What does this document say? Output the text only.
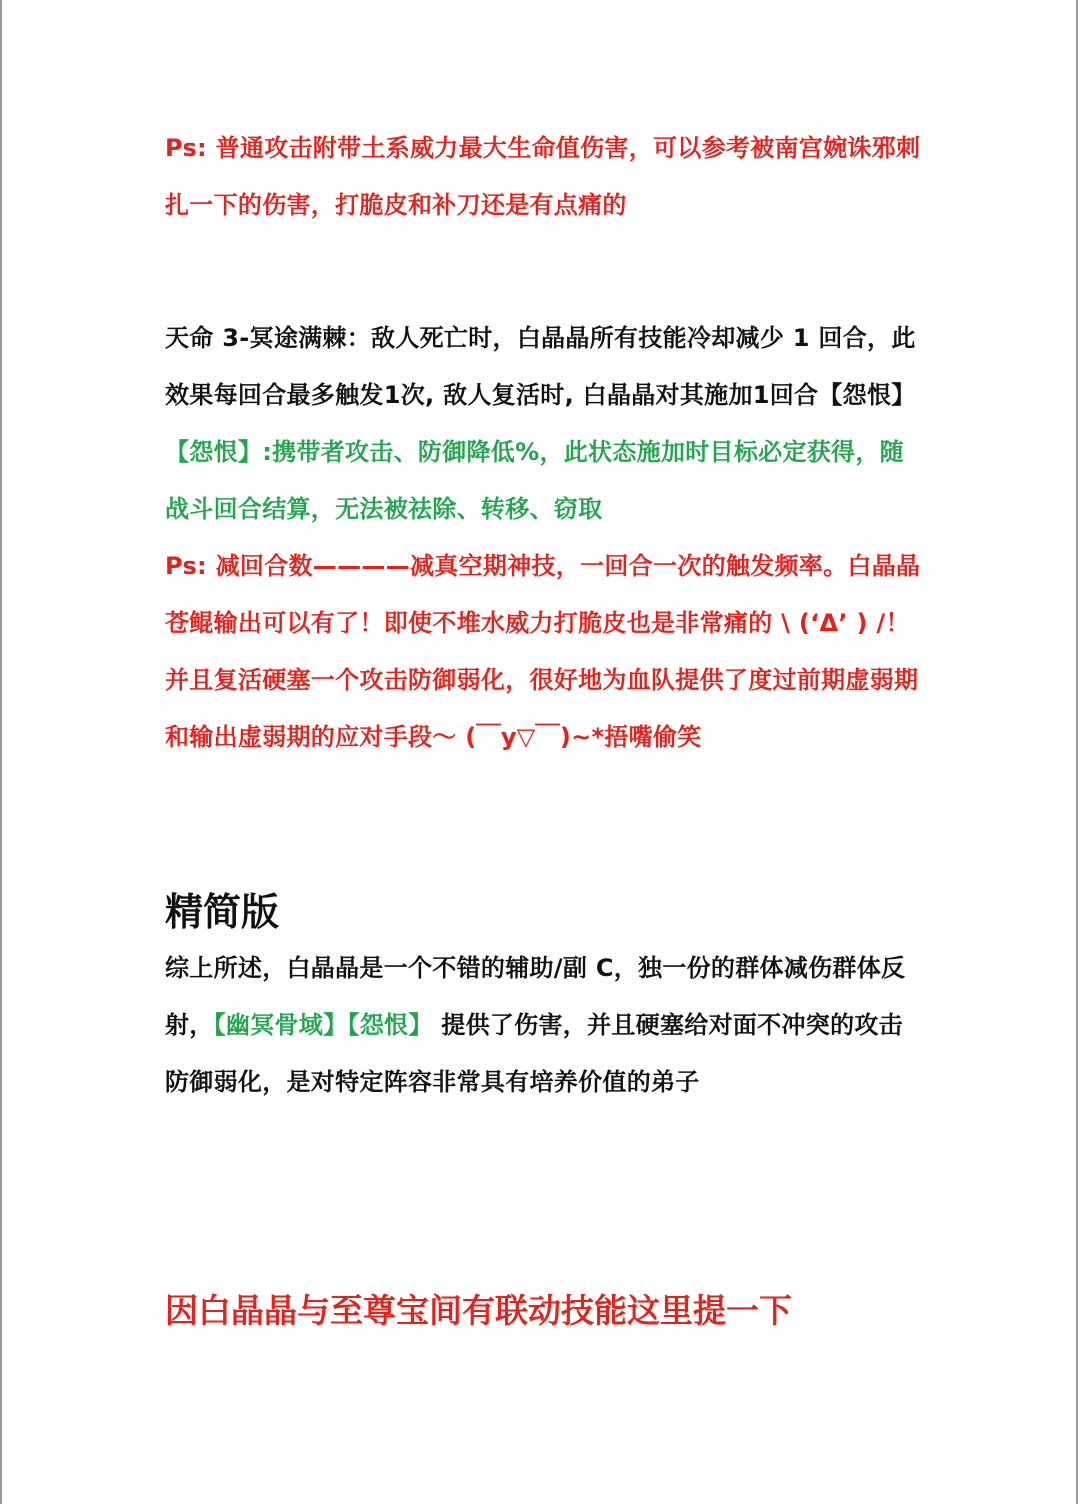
Ps: 普通攻击附带土系威力最大生命值伤害，可以参考被南宫婉诛邪刺扎一下的伤害，打脆皮和补刀还是有点痛的

天命 3-冥途满棘：敌人死亡时，白晶晶所有技能冷却减少 1 回合，此效果每回合最多触发1次, 敌人复活时, 白晶晶对其施加1回合【怨恨】

【怨恨】:携带者攻击、防御降低%，此状态施加时目标必定获得，随战斗回合结算，无法被祛除、转移、窃取

Ps: 减回合数————减真空期神技，一回合一次的触发频率。白晶晶苍鲲输出可以有了！即使不堆水威力打脆皮也是非常痛的 \ (‘Δ’ ) /！ 并且复活硬塞一个攻击防御弱化，很好地为血队提供了度过前期虚弱期和输出虚弱期的应对手段～ (￣y▽￣)~*捂嘴偷笑

精简版

综上所述，白晶晶是一个不错的辅助/副 C，独一份的群体减伤群体反射，【幽冥骨域】【怨恨】 提供了伤害，并且硬塞给对面不冲突的攻击防御弱化，是对特定阵容非常具有培养价值的弟子

因白晶晶与至尊宝间有联动技能这里提一下
